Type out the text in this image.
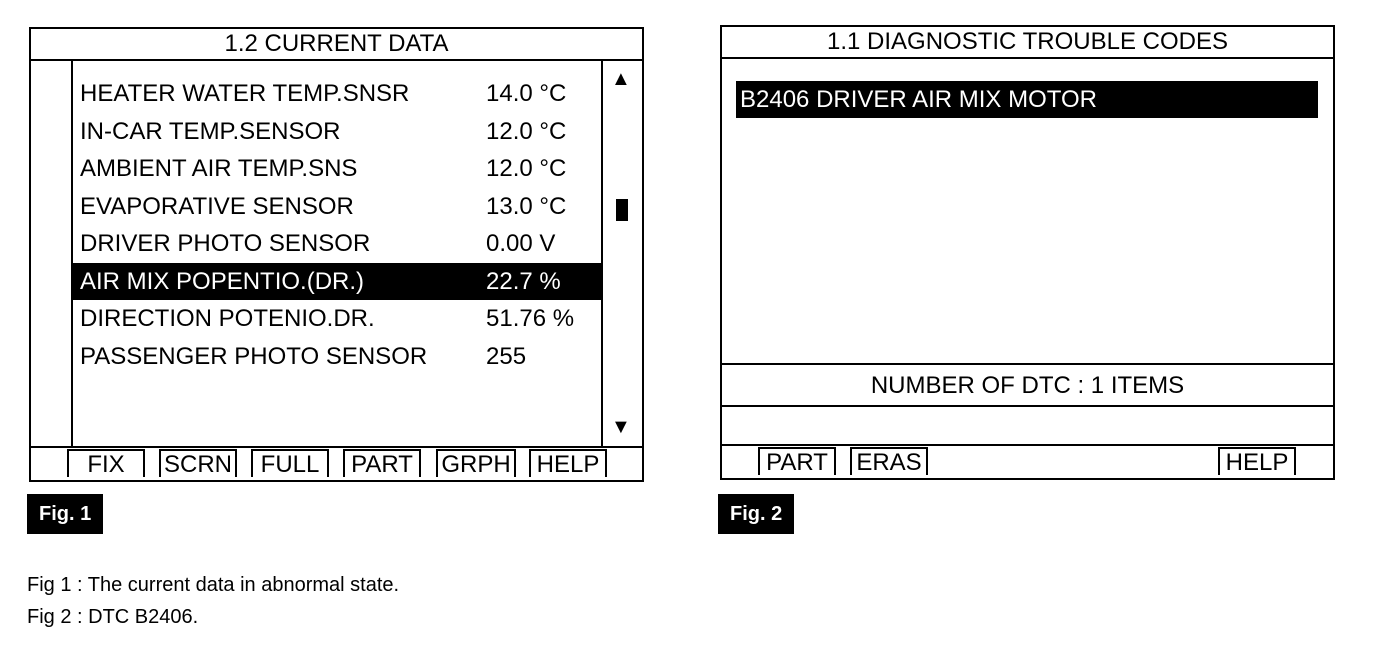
1.2 CURRENT DATA
HEATER WATER TEMP.SNSR	14.0 °C
IN-CAR TEMP.SENSOR	12.0 °C
AMBIENT AIR TEMP.SNS	12.0 °C
EVAPORATIVE SENSOR	13.0 °C
DRIVER PHOTO SENSOR	0.00 V
AIR MIX POPENTIO.(DR.)	22.7 %
DIRECTION POTENIO.DR.	51.76 %
PASSENGER PHOTO SENSOR 255
▲
▼
FIX	SCRN	FULL	PART	GRPH	HELP
Fig. 1
1.1 DIAGNOSTIC TROUBLE CODES
B2406 DRIVER AIR MIX MOTOR
NUMBER OF DTC : 1 ITEMS
PART	ERAS	HELP
Fig. 2
Fig 1 : The current data in abnormal state.
Fig 2 : DTC B2406.
